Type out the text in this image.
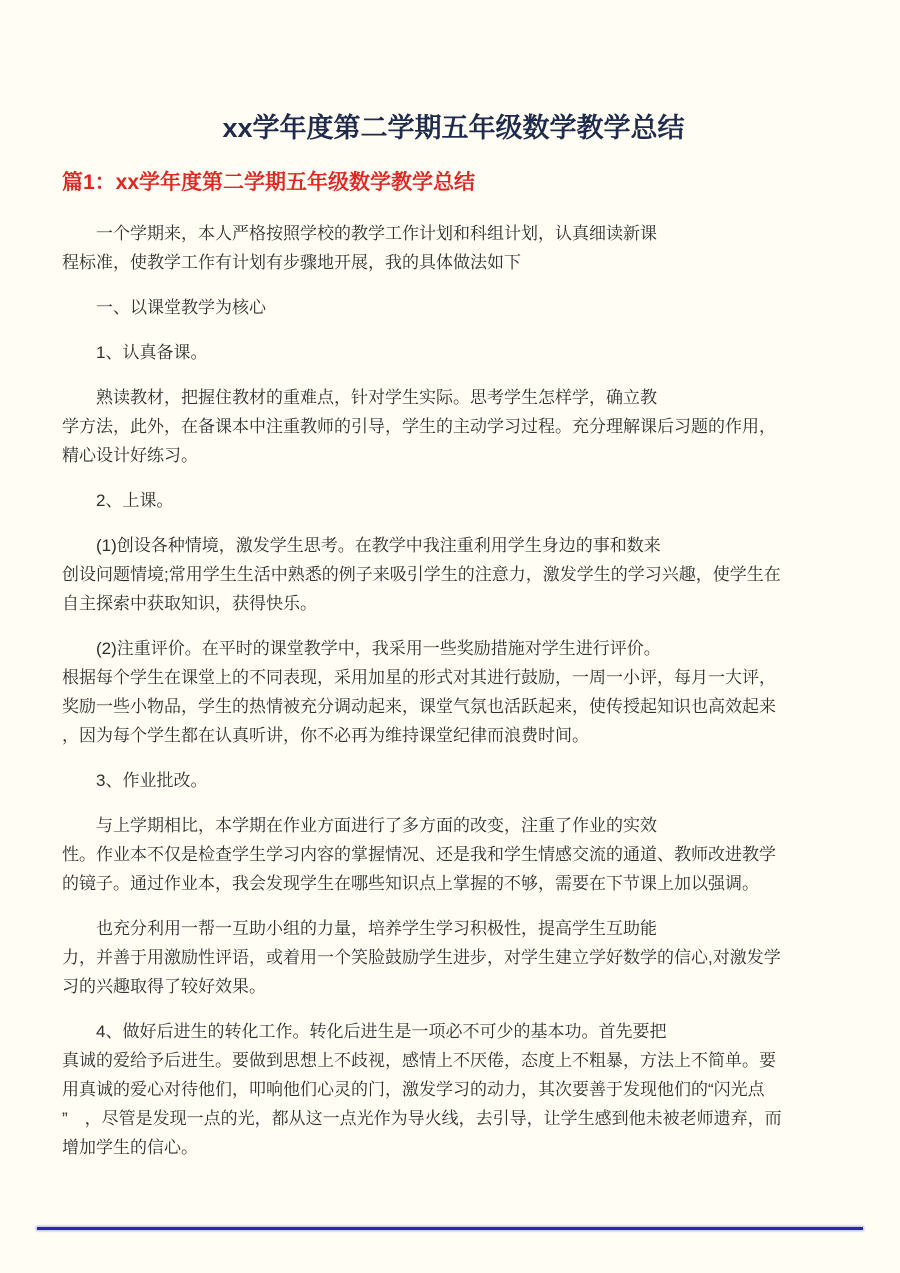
xx学年度第二学期五年级数学教学总结
篇1：xx学年度第二学期五年级数学教学总结
一个学期来，本人严格按照学校的教学工作计划和科组计划，认真细读新课
程标准，使教学工作有计划有步骤地开展，我的具体做法如下
一、以课堂教学为核心
1、认真备课。
熟读教材，把握住教材的重难点，针对学生实际。思考学生怎样学，确立教
学方法，此外，在备课本中注重教师的引导，学生的主动学习过程。充分理解课后习题的作用，
精心设计好练习。
2、上课。
(1)创设各种情境，激发学生思考。在教学中我注重利用学生身边的事和数来
创设问题情境;常用学生生活中熟悉的例子来吸引学生的注意力，激发学生的学习兴趣，使学生在
自主探索中获取知识，获得快乐。
(2)注重评价。在平时的课堂教学中，我采用一些奖励措施对学生进行评价。
根据每个学生在课堂上的不同表现，采用加星的形式对其进行鼓励，一周一小评，每月一大评，
奖励一些小物品，学生的热情被充分调动起来，课堂气氛也活跃起来，使传授起知识也高效起来
，因为每个学生都在认真听讲，你不必再为维持课堂纪律而浪费时间。
3、作业批改。
与上学期相比，本学期在作业方面进行了多方面的改变，注重了作业的实效
性。作业本不仅是检查学生学习内容的掌握情况、还是我和学生情感交流的通道、教师改进教学
的镜子。通过作业本，我会发现学生在哪些知识点上掌握的不够，需要在下节课上加以强调。
也充分利用一帮一互助小组的力量，培养学生学习积极性，提高学生互助能
力，并善于用激励性评语，或着用一个笑脸鼓励学生进步，对学生建立学好数学的信心,对激发学
习的兴趣取得了较好效果。
4、做好后进生的转化工作。转化后进生是一项必不可少的基本功。首先要把
真诚的爱给予后进生。要做到思想上不歧视，感情上不厌倦，态度上不粗暴，方法上不简单。要
用真诚的爱心对待他们，叩响他们心灵的门，激发学习的动力，其次要善于发现他们的“闪光点
”　，尽管是发现一点的光，都从这一点光作为导火线，去引导，让学生感到他未被老师遗弃，而
增加学生的信心。
